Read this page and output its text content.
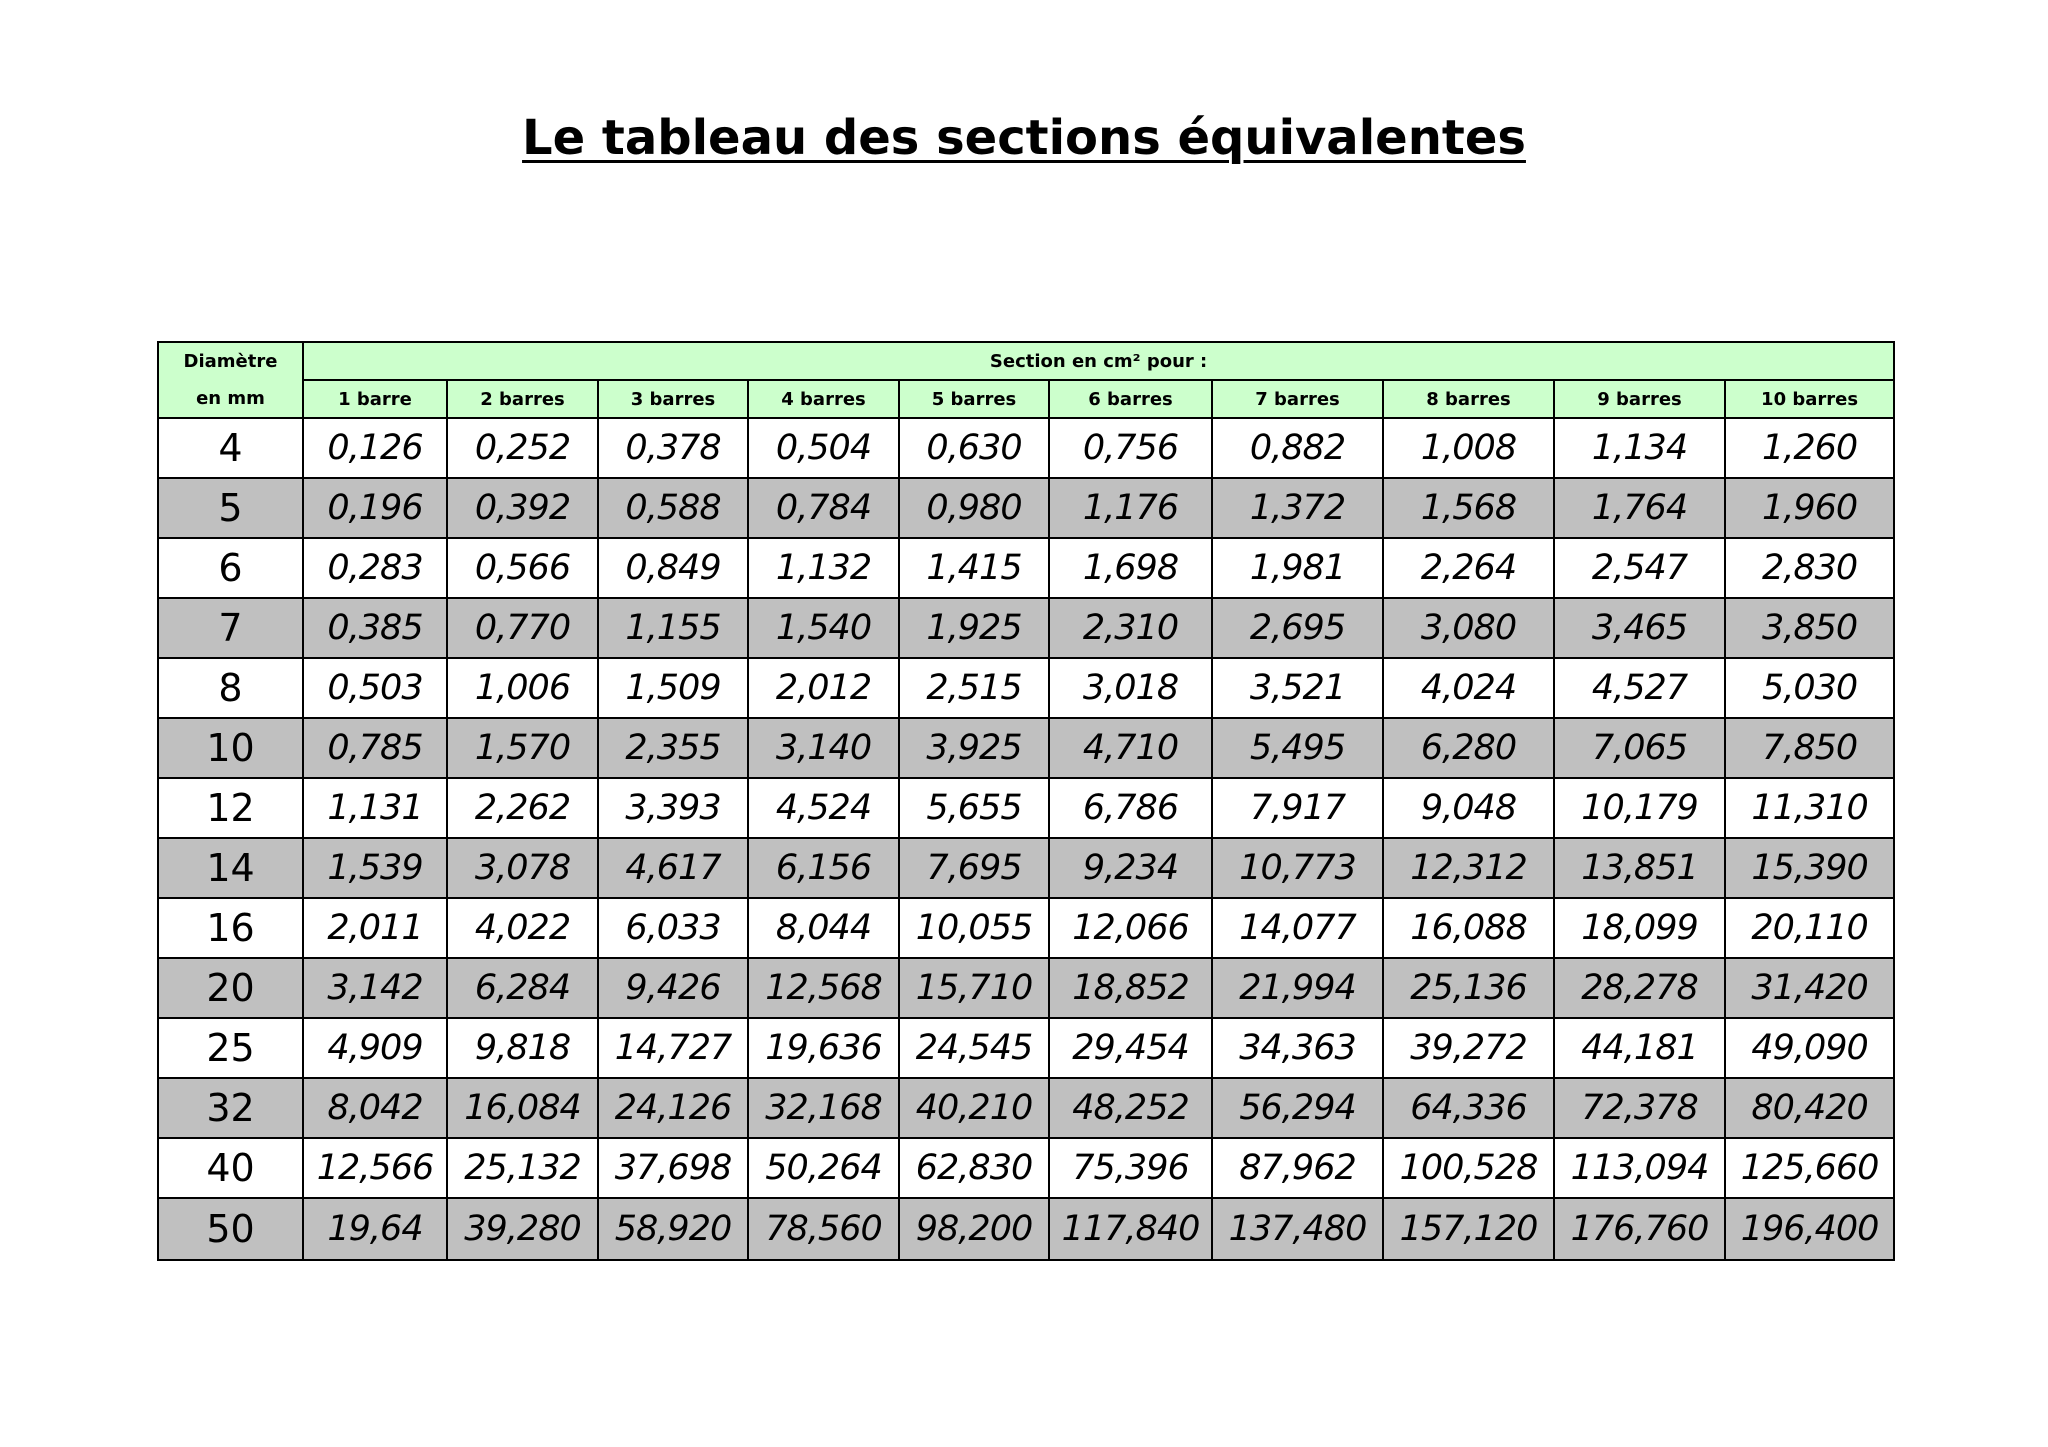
Le tableau des sections équivalentes
Diamètre	Section en cm² pour :									
en mm	1 barre	2 barres	3 barres	4 barres	5 barres	6 barres	7 barres	8 barres	9 barres	10 barres
4	0,126	0,252	0,378	0,504	0,630	0,756	0,882	1,008	1,134	1,260
5	0,196	0,392	0,588	0,784	0,980	1,176	1,372	1,568	1,764	1,960
6	0,283	0,566	0,849	1,132	1,415	1,698	1,981	2,264	2,547	2,830
7	0,385	0,770	1,155	1,540	1,925	2,310	2,695	3,080	3,465	3,850
8	0,503	1,006	1,509	2,012	2,515	3,018	3,521	4,024	4,527	5,030
10	0,785	1,570	2,355	3,140	3,925	4,710	5,495	6,280	7,065	7,850
12	1,131	2,262	3,393	4,524	5,655	6,786	7,917	9,048	10,179	11,310
14	1,539	3,078	4,617	6,156	7,695	9,234	10,773	12,312	13,851	15,390
16	2,011	4,022	6,033	8,044	10,055	12,066	14,077	16,088	18,099	20,110
20	3,142	6,284	9,426	12,568	15,710	18,852	21,994	25,136	28,278	31,420
25	4,909	9,818	14,727	19,636	24,545	29,454	34,363	39,272	44,181	49,090
32	8,042	16,084	24,126	32,168	40,210	48,252	56,294	64,336	72,378	80,420
40	12,566	25,132	37,698	50,264	62,830	75,396	87,962	100,528	113,094	125,660
50	19,64	39,280	58,920	78,560	98,200	117,840	137,480	157,120	176,760	196,400
